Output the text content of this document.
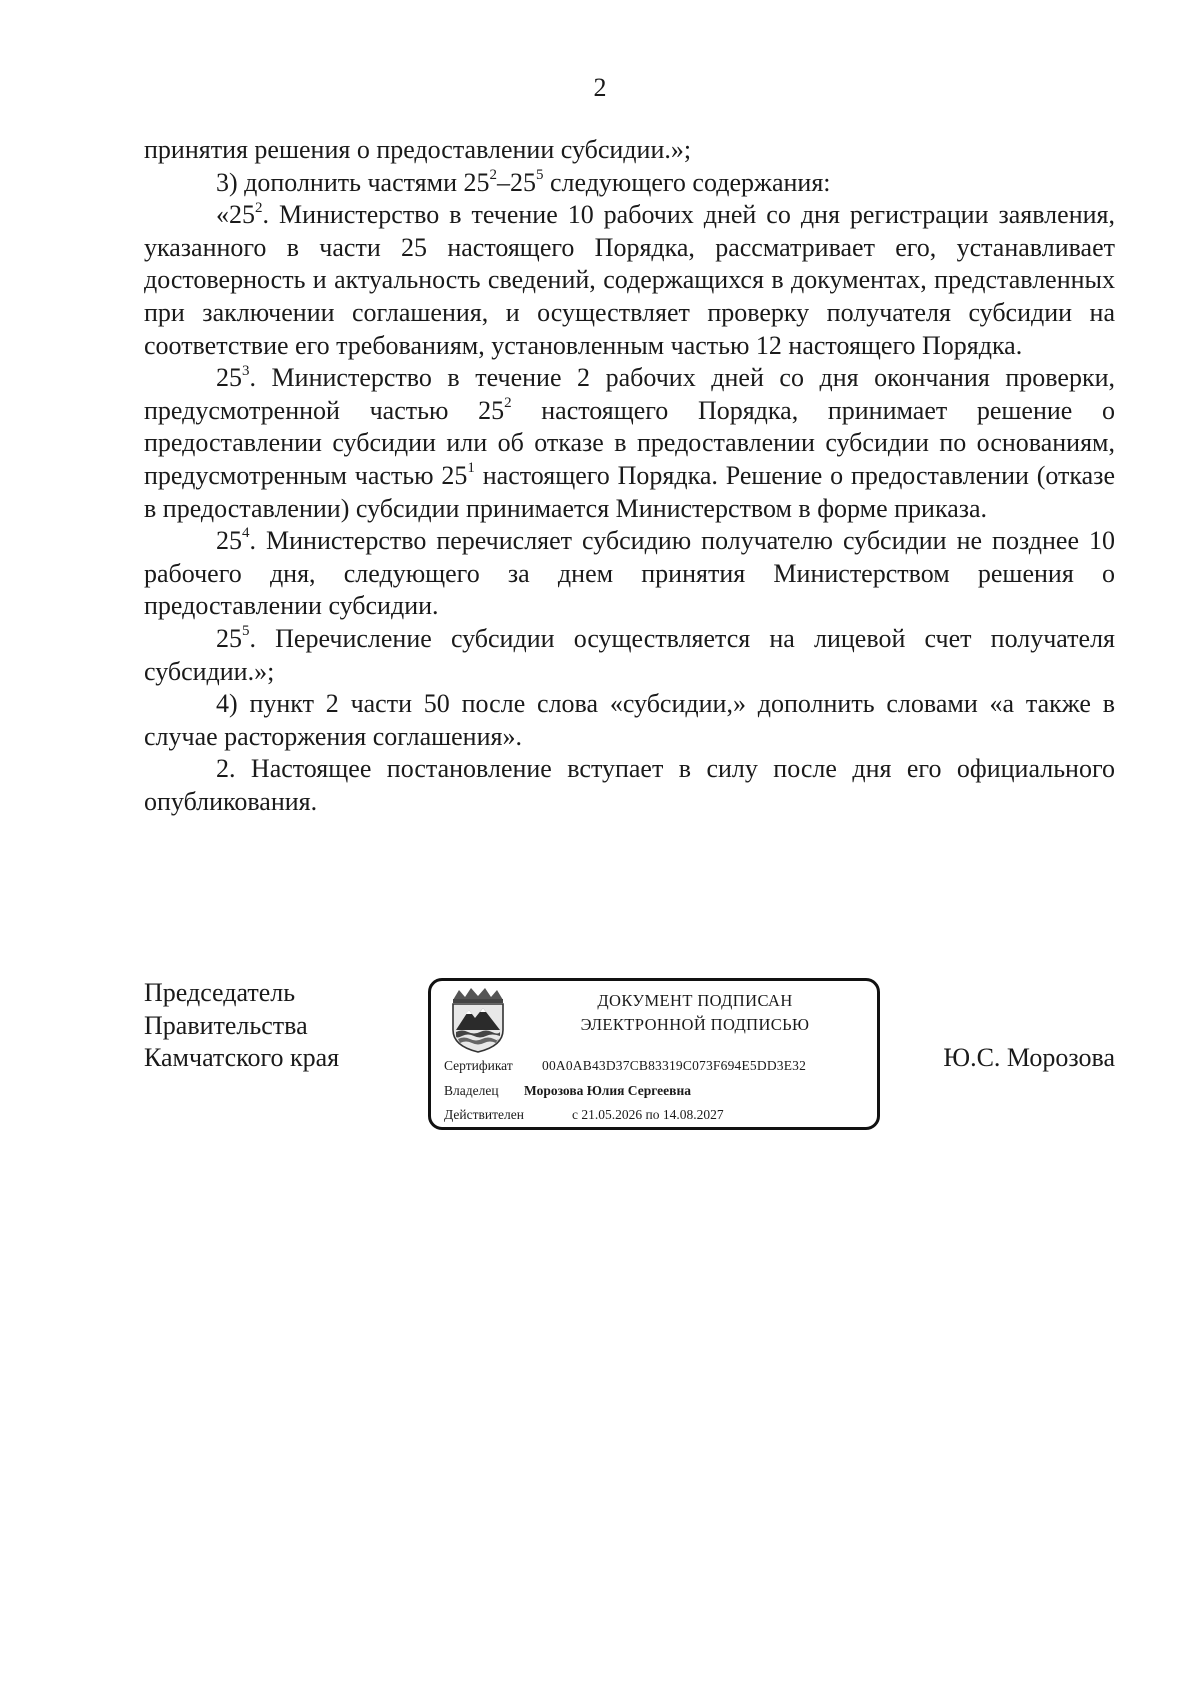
2

принятия решения о предоставлении субсидии.»;

3) дополнить частями $25^2-25^5$ следующего содержания:

«$25^2$. Министерство в течение 10 рабочих дней со дня регистрации заявления, указанного в части 25 настоящего Порядка, рассматривает его, устанавливает достоверность и актуальность сведений, содержащихся в документах, представленных при заключении соглашения, и осуществляет проверку получателя субсидии на соответствие его требованиям, установленным частью 12 настоящего Порядка.

$25^3$. Министерство в течение 2 рабочих дней со дня окончания проверки, предусмотренной частью $25^2$ настоящего Порядка, принимает решение о предоставлении субсидии или об отказе в предоставлении субсидии по основаниям, предусмотренным частью $25^1$ настоящего Порядка. Решение о предоставлении (отказе в предоставлении) субсидии принимается Министерством в форме приказа.

$25^4$. Министерство перечисляет субсидию получателю субсидии не позднее 10 рабочего дня, следующего за днем принятия Министерством решения о предоставлении субсидии.

$25^5$. Перечисление субсидии осуществляется на лицевой счет получателя субсидии.»;

4) пункт 2 части 50 после слова «субсидии,» дополнить словами «а также в случае расторжения соглашения».

2. Настоящее постановление вступает в силу после дня его официального опубликования.

Председатель
Правительства
Камчатского края
ДОКУМЕНТ ПОДПИСАН
ЭЛЕКТРОННОЙ ПОДПИСЬЮ
Сертификат 00A0AB43D37CB83319C073F694E5DD3E32
Владелец Морозова Юлия Сергеевна
Действителен	с 21.05.2026 по 14.08.2027
Ю.С. Морозова
